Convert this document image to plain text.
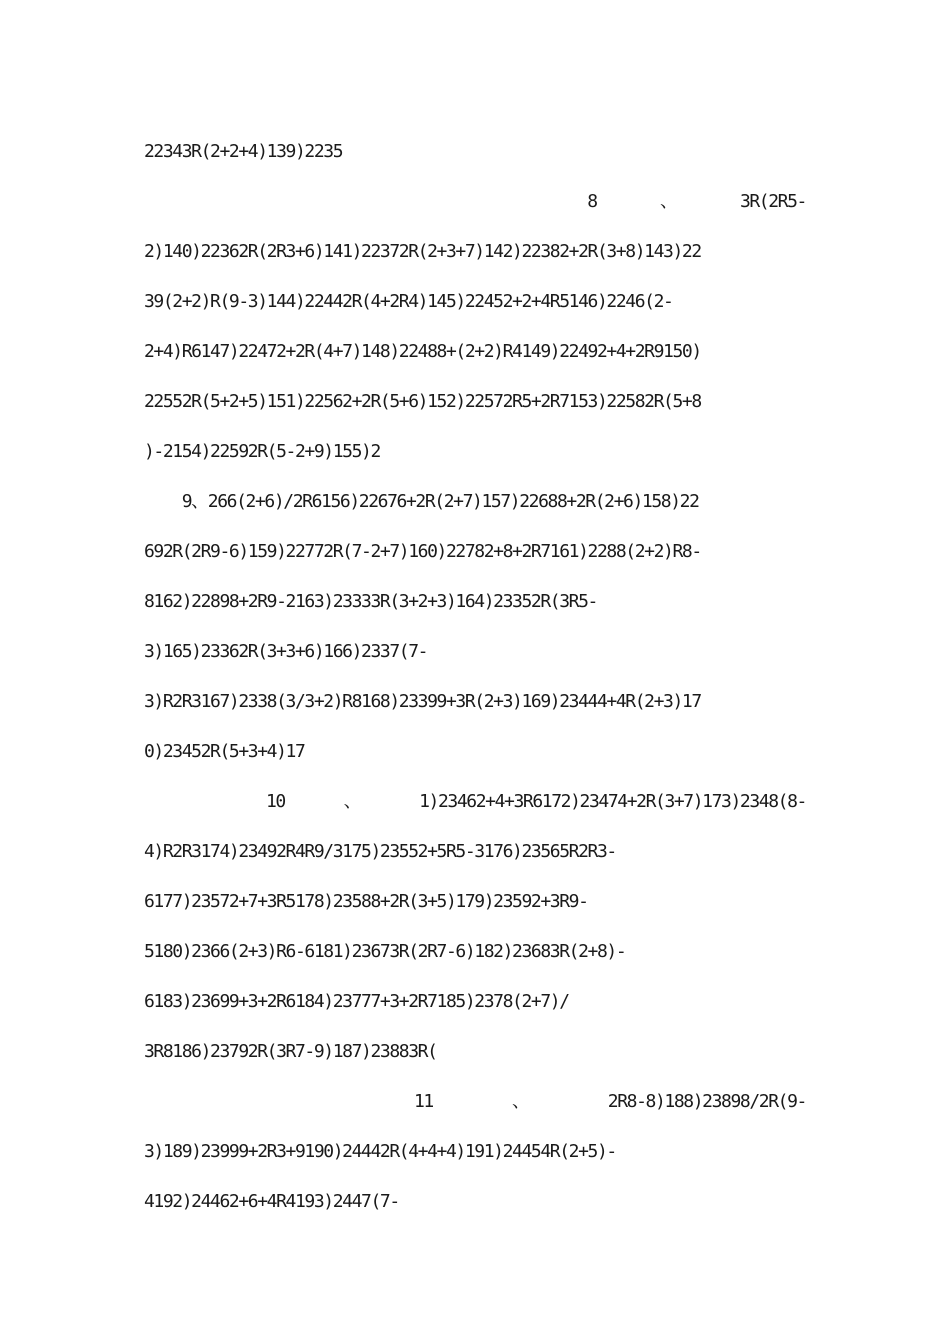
22343R(2+2+4)139)2235
8	、	3R(2R5-
2)140)22362R(2R3+6)141)22372R(2+3+7)142)22382+2R(3+8)143)22
39(2+2)R(9-3)144)22442R(4+2R4)145)22452+2+4R5146)2246(2-
2+4)R6147)22472+2R(4+7)148)22488+(2+2)R4149)22492+4+2R9150)
22552R(5+2+5)151)22562+2R(5+6)152)22572R5+2R7153)22582R(5+8
)-2154)22592R(5-2+9)155)2
9、266(2+6)/2R6156)22676+2R(2+7)157)22688+2R(2+6)158)22
692R(2R9-6)159)22772R(7-2+7)160)22782+8+2R7161)2288(2+2)R8-
8162)22898+2R9-2163)23333R(3+2+3)164)23352R(3R5-
3)165)23362R(3+3+6)166)2337(7-
3)R2R3167)2338(3/3+2)R8168)23399+3R(2+3)169)23444+4R(2+3)17
0)23452R(5+3+4)17
10	、	1)23462+4+3R6172)23474+2R(3+7)173)2348(8-
4)R2R3174)23492R4R9/3175)23552+5R5-3176)23565R2R3-
6177)23572+7+3R5178)23588+2R(3+5)179)23592+3R9-
5180)2366(2+3)R6-6181)23673R(2R7-6)182)23683R(2+8)-
6183)23699+3+2R6184)23777+3+2R7185)2378(2+7)/
3R8186)23792R(3R7-9)187)23883R(
11	、	2R8-8)188)23898/2R(9-
3)189)23999+2R3+9190)24442R(4+4+4)191)24454R(2+5)-
4192)24462+6+4R4193)2447(7-
